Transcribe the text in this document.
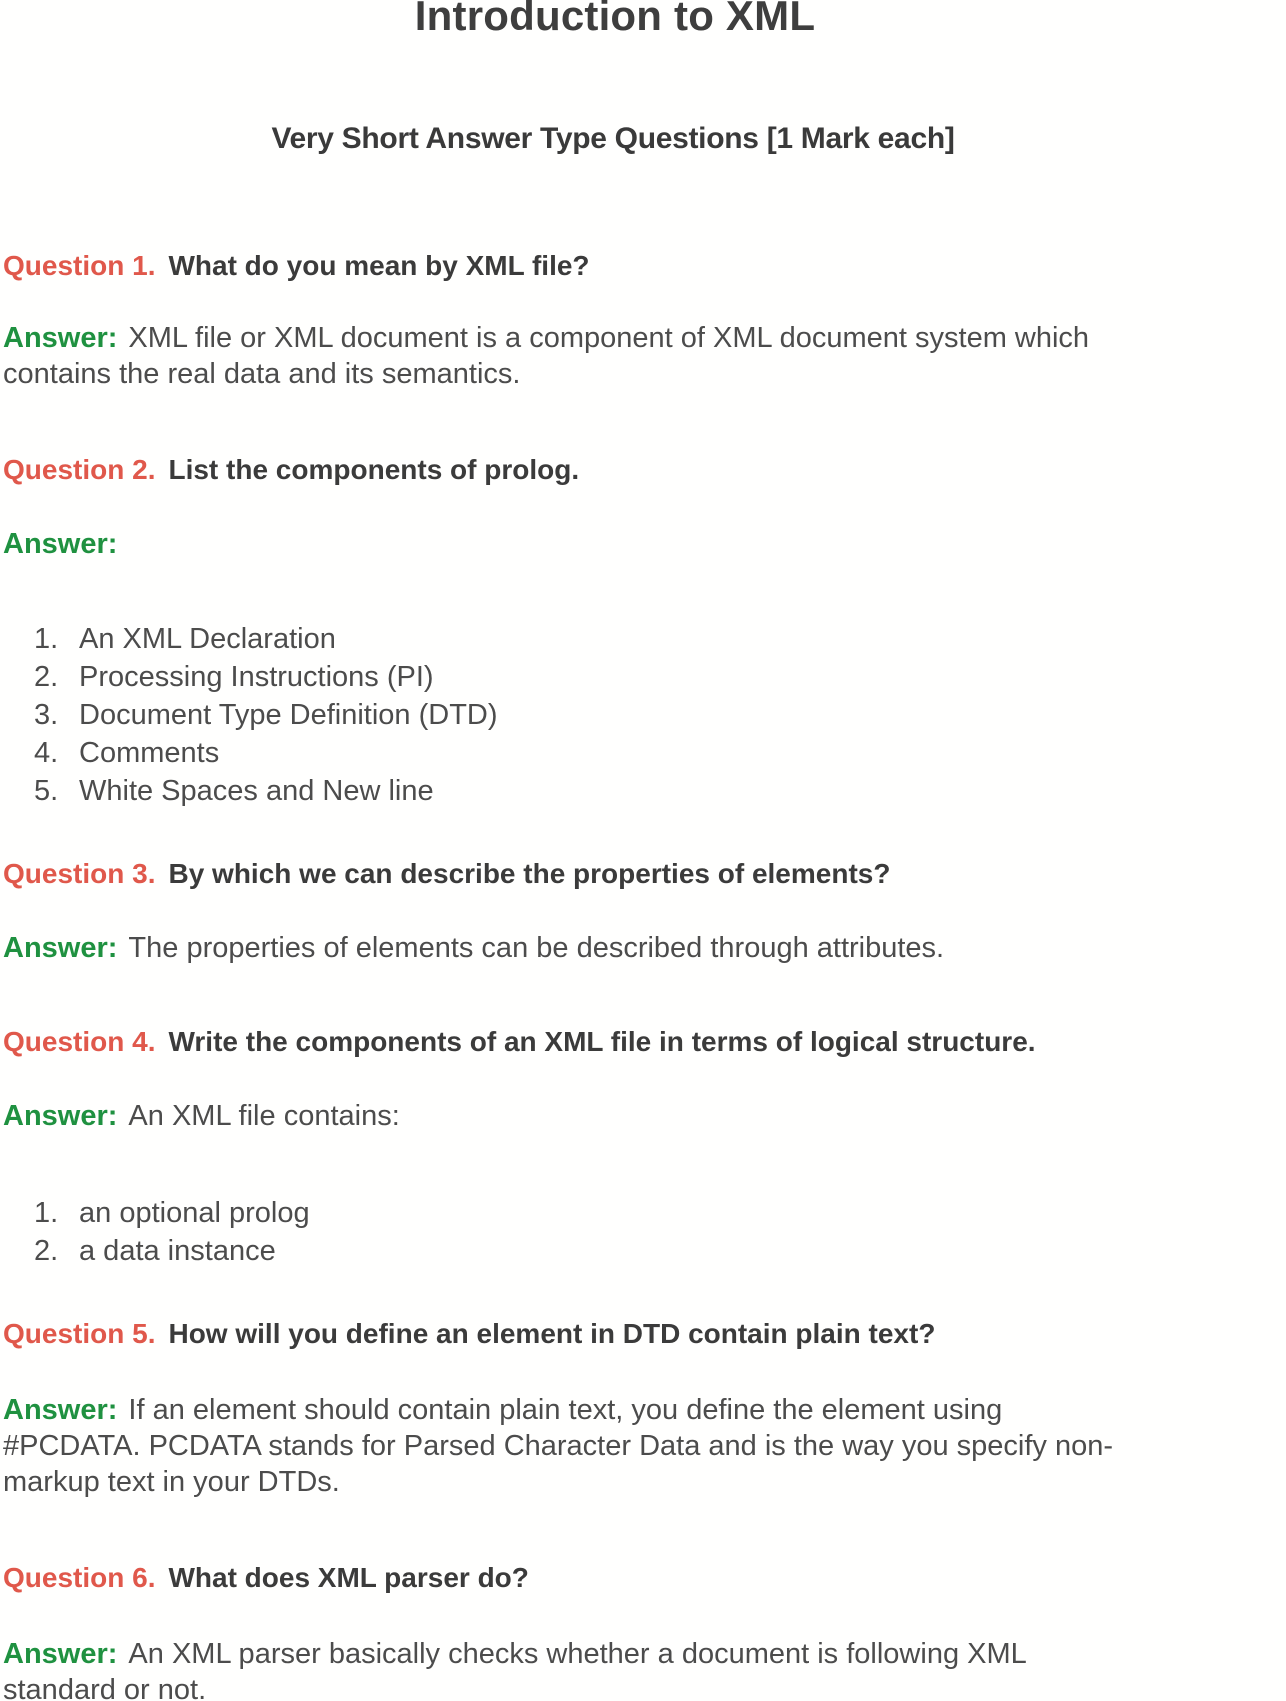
Introduction to XML
Very Short Answer Type Questions [1 Mark each]
Question 1. What do you mean by XML file?
Answer: XML file or XML document is a component of XML document system which
contains the real data and its semantics.
Question 2. List the components of prolog.
Answer:
1. An XML Declaration
2. Processing Instructions (PI)
3. Document Type Definition (DTD)
4. Comments
5. White Spaces and New line
Question 3. By which we can describe the properties of elements?
Answer: The properties of elements can be described through attributes.
Question 4. Write the components of an XML file in terms of logical structure.
Answer: An XML file contains:
1. an optional prolog
2. a data instance
Question 5. How will you define an element in DTD contain plain text?
Answer: If an element should contain plain text, you define the element using
#PCDATA. PCDATA stands for Parsed Character Data and is the way you specify non-
markup text in your DTDs.
Question 6. What does XML parser do?
Answer: An XML parser basically checks whether a document is following XML
standard or not.
